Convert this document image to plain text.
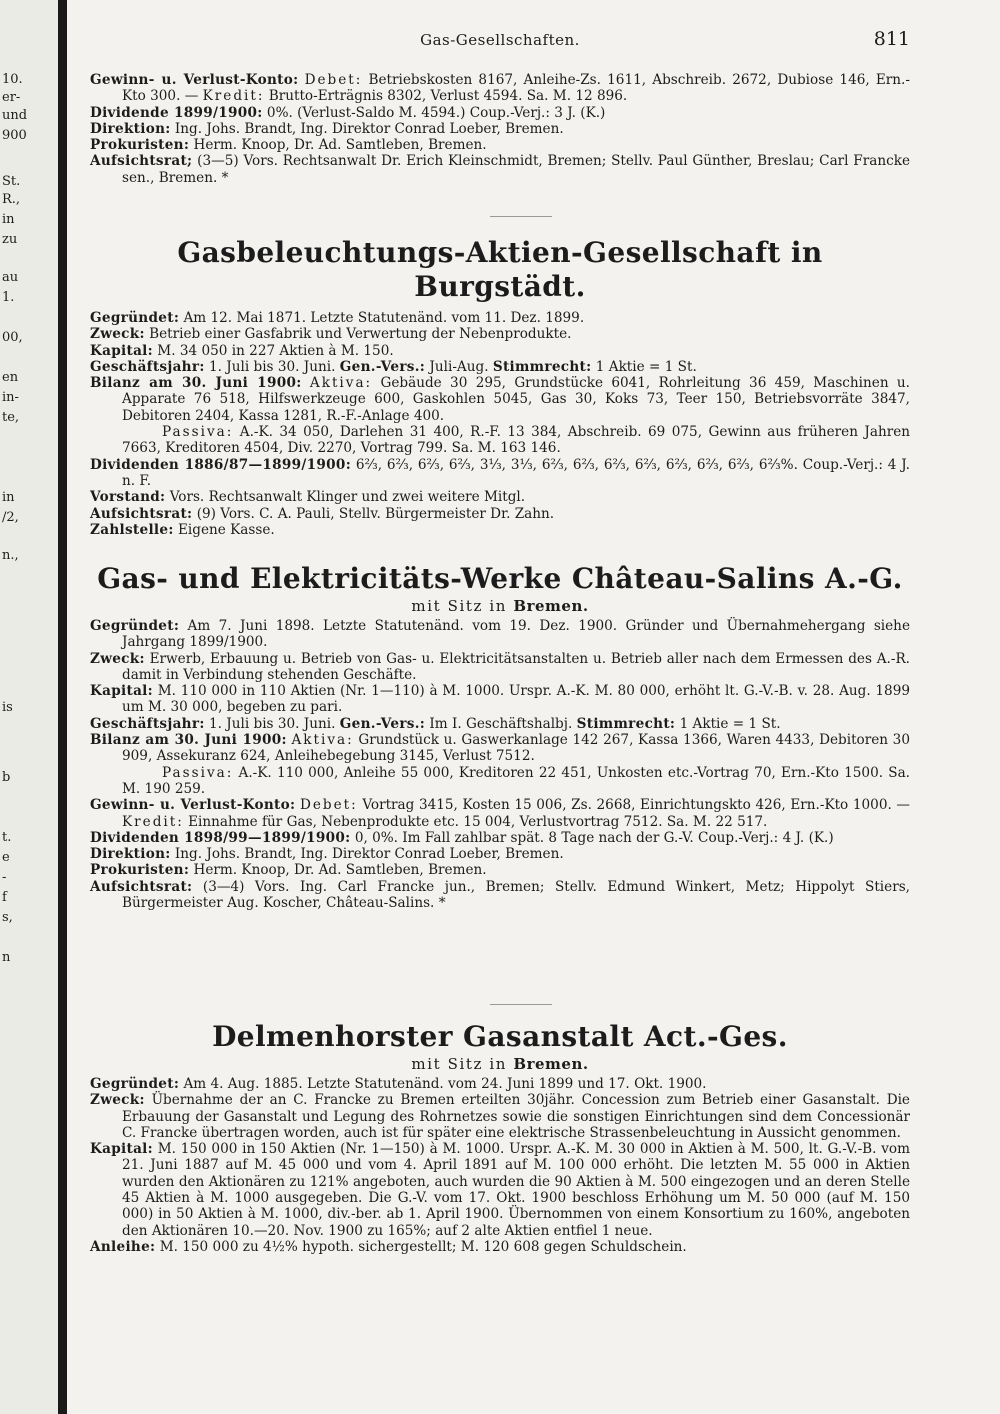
10.
er-
und
900
St.
R.,
in
zu
au
1.
00,
en
in-
te,
in
/2,
n.,
is
b
t.
e
-
f
s,
n
Gas-Gesellschaften.	811

Gewinn- u. Verlust-Konto: Debet: Betriebskosten 8167, Anleihe-Zs. 1611, Abschreib. 2672, Dubiose 146, Ern.-Kto 300. — Kredit: Brutto-Erträgnis 8302, Verlust 4594. Sa. M. 12 896.

Dividende 1899/1900: 0%. (Verlust-Saldo M. 4594.) Coup.-Verj.: 3 J. (K.)

Direktion: Ing. Johs. Brandt, Ing. Direktor Conrad Loeber, Bremen.

Prokuristen: Herm. Knoop, Dr. Ad. Samtleben, Bremen.

Aufsichtsrat; (3—5) Vors. Rechtsanwalt Dr. Erich Kleinschmidt, Bremen; Stellv. Paul Günther, Breslau; Carl Francke sen., Bremen. *

Gasbeleuchtungs-Aktien-Gesellschaft in Burgstädt.

Gegründet: Am 12. Mai 1871. Letzte Statutenänd. vom 11. Dez. 1899.

Zweck: Betrieb einer Gasfabrik und Verwertung der Nebenprodukte.

Kapital: M. 34 050 in 227 Aktien à M. 150.

Geschäftsjahr: 1. Juli bis 30. Juni. Gen.-Vers.: Juli-Aug. Stimmrecht: 1 Aktie = 1 St.

Bilanz am 30. Juni 1900: Aktiva: Gebäude 30 295, Grundstücke 6041, Rohrleitung 36 459, Maschinen u. Apparate 76 518, Hilfswerkzeuge 600, Gaskohlen 5045, Gas 30, Koks 73, Teer 150, Betriebsvorräte 3847, Debitoren 2404, Kassa 1281, R.-F.-Anlage 400.

Passiva: A.-K. 34 050, Darlehen 31 400, R.-F. 13 384, Abschreib. 69 075, Gewinn aus früheren Jahren 7663, Kreditoren 4504, Div. 2270, Vortrag 799. Sa. M. 163 146.

Dividenden 1886/87—1899/1900: 6⅔, 6⅔, 6⅔, 6⅔, 3⅓, 3⅓, 6⅔, 6⅔, 6⅔, 6⅔, 6⅔, 6⅔, 6⅔, 6⅔%. Coup.-Verj.: 4 J. n. F.

Vorstand: Vors. Rechtsanwalt Klinger und zwei weitere Mitgl.

Aufsichtsrat: (9) Vors. C. A. Pauli, Stellv. Bürgermeister Dr. Zahn.

Zahlstelle: Eigene Kasse.

Gas- und Elektricitäts-Werke Château-Salins A.-G.

mit Sitz in Bremen.

Gegründet: Am 7. Juni 1898. Letzte Statutenänd. vom 19. Dez. 1900. Gründer und Übernahmehergang siehe Jahrgang 1899/1900.

Zweck: Erwerb, Erbauung u. Betrieb von Gas- u. Elektricitätsanstalten u. Betrieb aller nach dem Ermessen des A.-R. damit in Verbindung stehenden Geschäfte.

Kapital: M. 110 000 in 110 Aktien (Nr. 1—110) à M. 1000. Urspr. A.-K. M. 80 000, erhöht lt. G.-V.-B. v. 28. Aug. 1899 um M. 30 000, begeben zu pari.

Geschäftsjahr: 1. Juli bis 30. Juni. Gen.-Vers.: Im I. Geschäftshalbj. Stimmrecht: 1 Aktie = 1 St.

Bilanz am 30. Juni 1900: Aktiva: Grundstück u. Gaswerkanlage 142 267, Kassa 1366, Waren 4433, Debitoren 30 909, Assekuranz 624, Anleihebegebung 3145, Verlust 7512.

Passiva: A.-K. 110 000, Anleihe 55 000, Kreditoren 22 451, Unkosten etc.-Vortrag 70, Ern.-Kto 1500. Sa. M. 190 259.

Gewinn- u. Verlust-Konto: Debet: Vortrag 3415, Kosten 15 006, Zs. 2668, Einrichtungskto 426, Ern.-Kto 1000. — Kredit: Einnahme für Gas, Nebenprodukte etc. 15 004, Verlustvortrag 7512. Sa. M. 22 517.

Dividenden 1898/99—1899/1900: 0, 0%. Im Fall zahlbar spät. 8 Tage nach der G.-V. Coup.-Verj.: 4 J. (K.)

Direktion: Ing. Johs. Brandt, Ing. Direktor Conrad Loeber, Bremen.

Prokuristen: Herm. Knoop, Dr. Ad. Samtleben, Bremen.

Aufsichtsrat: (3—4) Vors. Ing. Carl Francke jun., Bremen; Stellv. Edmund Winkert, Metz; Hippolyt Stiers, Bürgermeister Aug. Koscher, Château-Salins. *

Delmenhorster Gasanstalt Act.-Ges.

mit Sitz in Bremen.

Gegründet: Am 4. Aug. 1885. Letzte Statutenänd. vom 24. Juni 1899 und 17. Okt. 1900.

Zweck: Übernahme der an C. Francke zu Bremen erteilten 30jähr. Concession zum Betrieb einer Gasanstalt. Die Erbauung der Gasanstalt und Legung des Rohrnetzes sowie die sonstigen Einrichtungen sind dem Concessionär C. Francke übertragen worden, auch ist für später eine elektrische Strassenbeleuchtung in Aussicht genommen.

Kapital: M. 150 000 in 150 Aktien (Nr. 1—150) à M. 1000. Urspr. A.-K. M. 30 000 in Aktien à M. 500, lt. G.-V.-B. vom 21. Juni 1887 auf M. 45 000 und vom 4. April 1891 auf M. 100 000 erhöht. Die letzten M. 55 000 in Aktien wurden den Aktionären zu 121% angeboten, auch wurden die 90 Aktien à M. 500 eingezogen und an deren Stelle 45 Aktien à M. 1000 ausgegeben. Die G.-V. vom 17. Okt. 1900 beschloss Erhöhung um M. 50 000 (auf M. 150 000) in 50 Aktien à M. 1000, div.-ber. ab 1. April 1900. Übernommen von einem Konsortium zu 160%, angeboten den Aktionären 10.—20. Nov. 1900 zu 165%; auf 2 alte Aktien entfiel 1 neue.

Anleihe: M. 150 000 zu 4½% hypoth. sichergestellt; M. 120 608 gegen Schuldschein.
